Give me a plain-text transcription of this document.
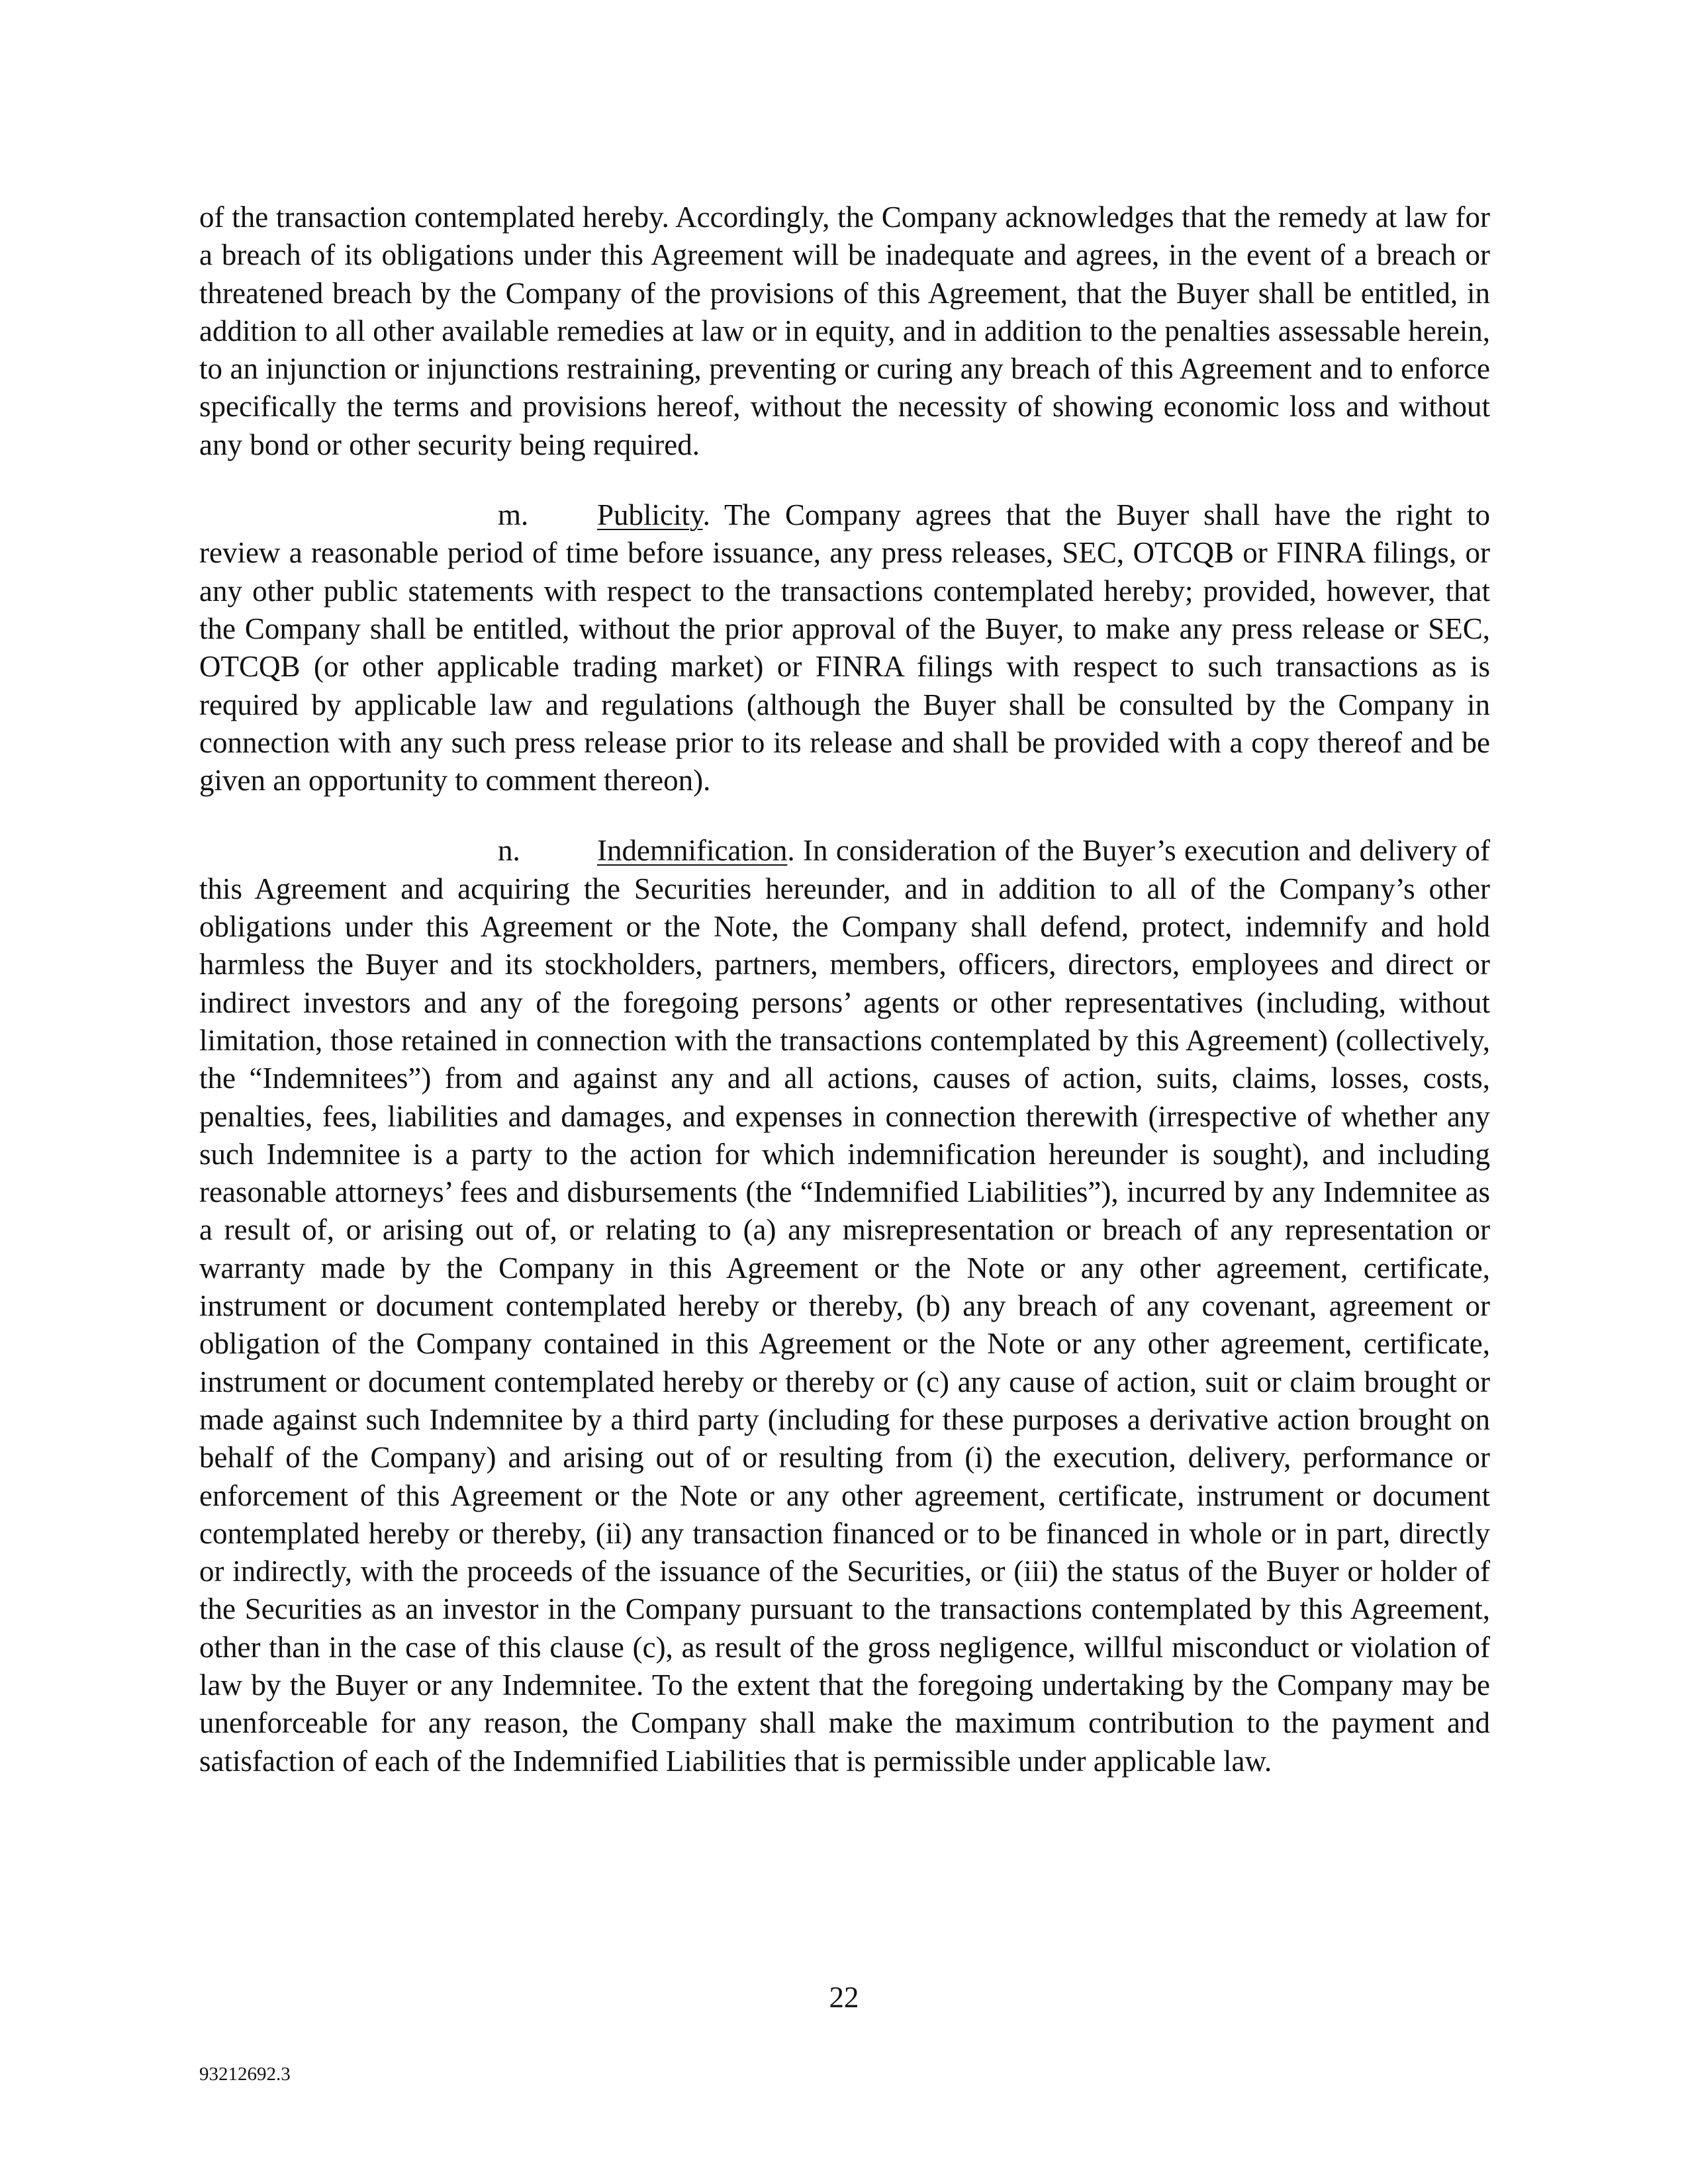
of the transaction contemplated hereby. Accordingly, the Company acknowledges that the remedy at law for a breach of its obligations under this Agreement will be inadequate and agrees, in the event of a breach or threatened breach by the Company of the provisions of this Agreement, that the Buyer shall be entitled, in addition to all other available remedies at law or in equity, and in addition to the penalties assessable herein, to an injunction or injunctions restraining, preventing or curing any breach of this Agreement and to enforce specifically the terms and provisions hereof, without the necessity of showing economic loss and without any bond or other security being required.

m. Publicity. The Company agrees that the Buyer shall have the right to review a reasonable period of time before issuance, any press releases, SEC, OTCQB or FINRA filings, or any other public statements with respect to the transactions contemplated hereby; provided, however, that the Company shall be entitled, without the prior approval of the Buyer, to make any press release or SEC, OTCQB (or other applicable trading market) or FINRA filings with respect to such transactions as is required by applicable law and regulations (although the Buyer shall be consulted by the Company in connection with any such press release prior to its release and shall be provided with a copy thereof and be given an opportunity to comment thereon).

n.	Indemnification. In consideration of the Buyer’s execution and delivery of this Agreement and acquiring the Securities hereunder, and in addition to all of the Company’s other obligations under this Agreement or the Note, the Company shall defend, protect, indemnify and hold harmless the Buyer and its stockholders, partners, members, officers, directors, employees and direct or indirect investors and any of the foregoing persons’ agents or other representatives (including, without limitation, those retained in connection with the transactions contemplated by this Agreement) (collectively, the “Indemnitees”) from and against any and all actions, causes of action, suits, claims, losses, costs, penalties, fees, liabilities and damages, and expenses in connection therewith (irrespective of whether any such Indemnitee is a party to the action for which indemnification hereunder is sought), and including reasonable attorneys’ fees and disbursements (the “Indemnified Liabilities”), incurred by any Indemnitee as a result of, or arising out of, or relating to (a) any misrepresentation or breach of any representation or warranty made by the Company in this Agreement or the Note or any other agreement, certificate, instrument or document contemplated hereby or thereby, (b) any breach of any covenant, agreement or obligation of the Company contained in this Agreement or the Note or any other agreement, certificate, instrument or document contemplated hereby or thereby or (c) any cause of action, suit or claim brought or made against such Indemnitee by a third party (including for these purposes a derivative action brought on behalf of the Company) and arising out of or resulting from (i) the execution, delivery, performance or enforcement of this Agreement or the Note or any other agreement, certificate, instrument or document contemplated hereby or thereby, (ii) any transaction financed or to be financed in whole or in part, directly or indirectly, with the proceeds of the issuance of the Securities, or (iii) the status of the Buyer or holder of the Securities as an investor in the Company pursuant to the transactions contemplated by this Agreement, other than in the case of this clause (c), as result of the gross negligence, willful misconduct or violation of law by the Buyer or any Indemnitee. To the extent that the foregoing undertaking by the Company may be unenforceable for any reason, the Company shall make the maximum contribution to the payment and satisfaction of each of the Indemnified Liabilities that is permissible under applicable law.

22
93212692.3
